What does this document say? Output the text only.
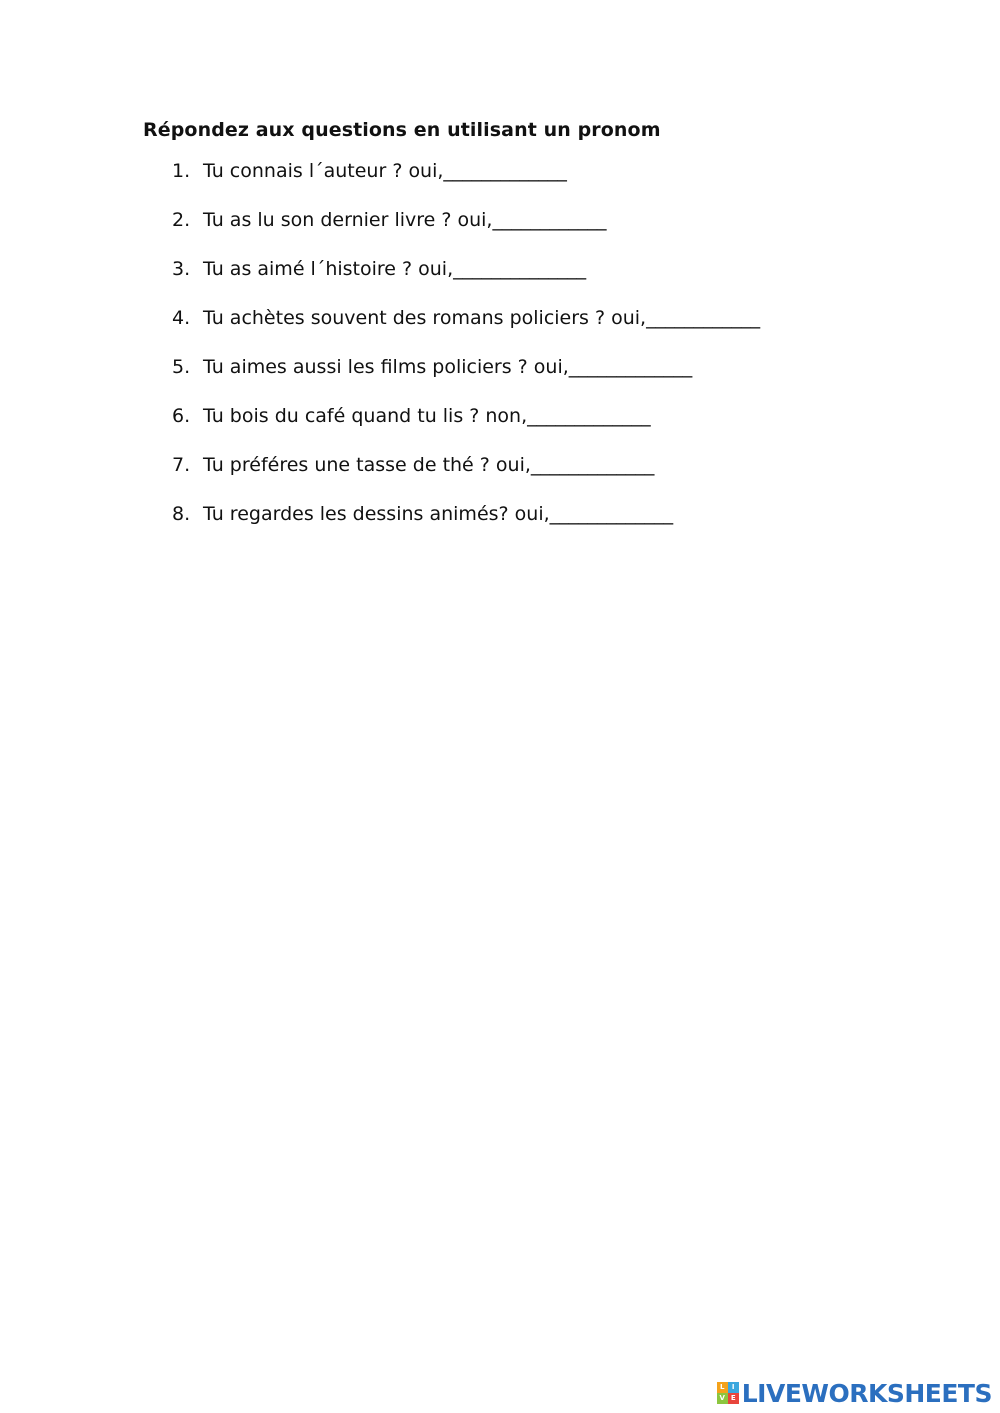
Répondez aux questions en utilisant un pronom
1. Tu connais l´auteur ? oui,_____________
2. Tu as lu son dernier livre ? oui,____________
3. Tu as aimé l´histoire ? oui,______________
4. Tu achètes souvent des romans policiers ? oui,____________
5. Tu aimes aussi les films policiers ? oui,_____________
6. Tu bois du café quand tu lis ? non,_____________
7. Tu préféres une tasse de thé ? oui,_____________
8. Tu regardes les dessins animés? oui,_____________
L	I
V E LIVEWORKSHEETS
